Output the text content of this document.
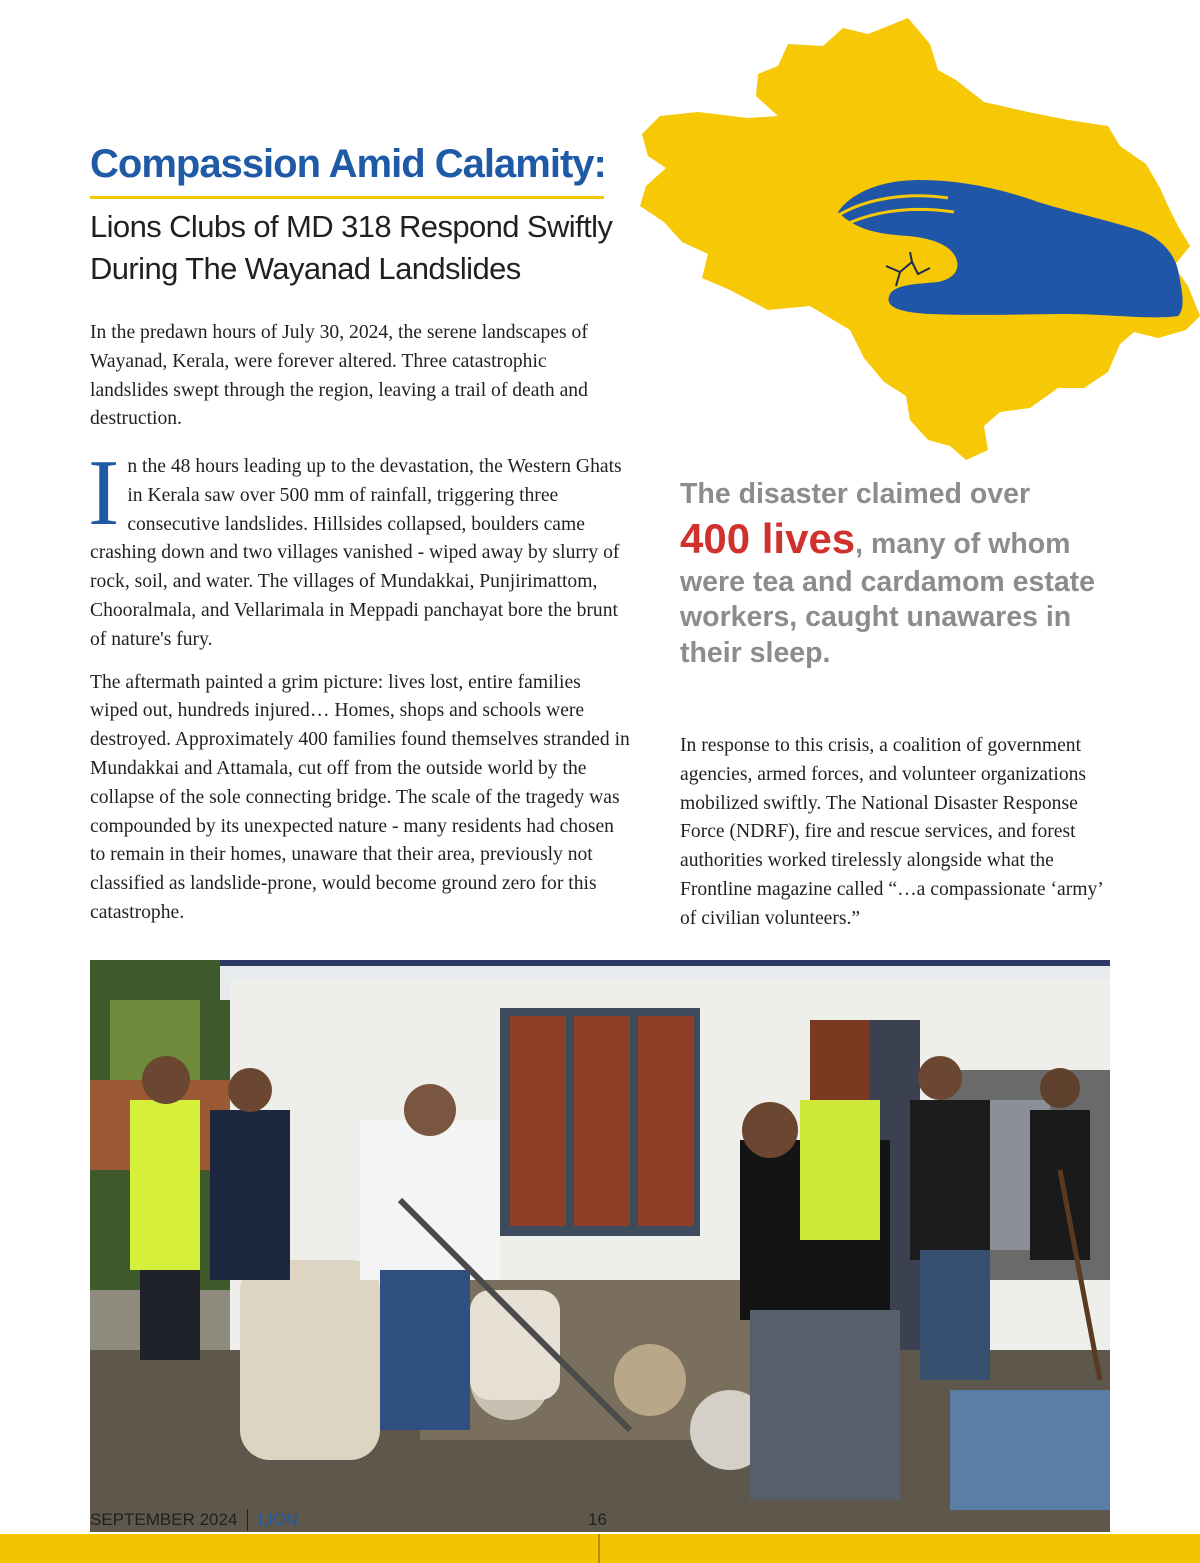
Compassion Amid Calamity:
Lions Clubs of MD 318 Respond Swiftly During The Wayanad Landslides

In the predawn hours of July 30, 2024, the serene landscapes of Wayanad, Kerala, were forever altered. Three catastrophic landslides swept through the region, leaving a trail of death and destruction.

In the 48 hours leading up to the devastation, the Western Ghats in Kerala saw over 500 mm of rainfall, triggering three consecutive landslides. Hillsides collapsed, boulders came crashing down and two villages vanished - wiped away by slurry of rock, soil, and water. The villages of Mundakkai, Punjirimattom, Chooralmala, and Vellarimala in Meppadi panchayat bore the brunt of nature's fury.

The aftermath painted a grim picture: lives lost, entire families wiped out, hundreds injured… Homes, shops and schools were destroyed. Approximately 400 families found themselves stranded in Mundakkai and Attamala, cut off from the outside world by the collapse of the sole connecting bridge. The scale of the tragedy was compounded by its unexpected nature - many residents had chosen to remain in their homes, unaware that their area, previously not classified as landslide-prone, would become ground zero for this catastrophe.

The disaster claimed over
400 lives, many of whom were tea and cardamom estate workers, caught unawares in their sleep.

In response to this crisis, a coalition of government agencies, armed forces, and volunteer organizations mobilized swiftly. The National Disaster Response Force (NDRF), fire and rescue services, and forest authorities worked tirelessly alongside what the Frontline magazine called “…a compassionate ‘army’ of civilian volunteers.”

SEPTEMBER 2024 LION	16
